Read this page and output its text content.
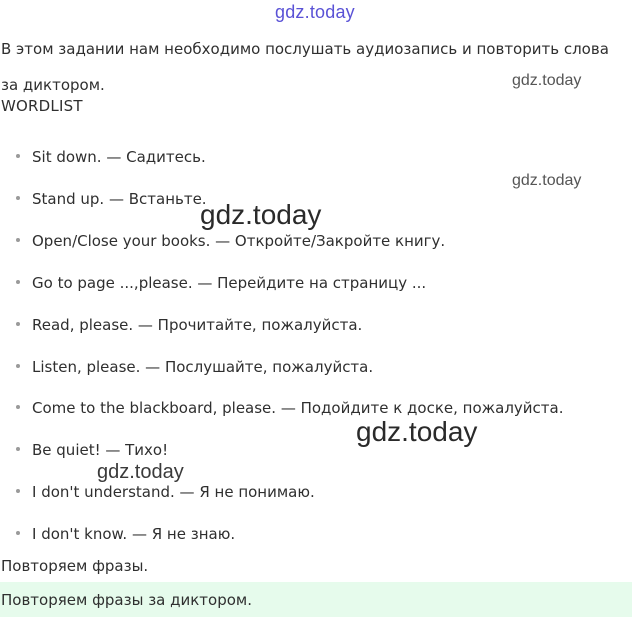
gdz.today
В этом задании нам необходимо послушать аудиозапись и повторить слова за диктором.	gdz.today
WORDLIST
Sit down. — Садитесь.
Stand up. — Встаньте.
Open/Close your books. — Откройте/Закройте книгу.
Go to page ...,please. — Перейдите на страницу ...
Read, please. — Прочитайте, пожалуйста.
Listen, please. — Послушайте, пожалуйста.
Come to the blackboard, please. — Подойдите к доске, пожалуйста.
Be quiet! — Тихо!
I don't understand. — Я не понимаю.
I don't know. — Я не знаю.
gdz.today
gdz.today
gdz.today
gdz.today
Повторяем фразы.
Повторяем фразы за диктором.
